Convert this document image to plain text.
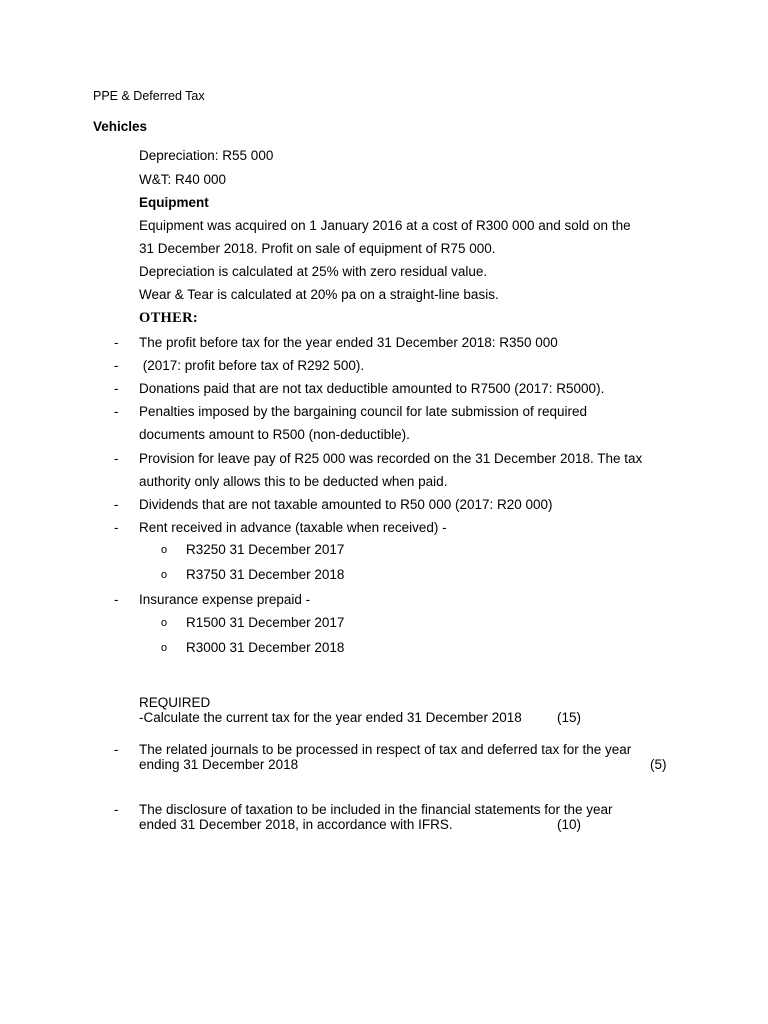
PPE & Deferred Tax
Vehicles
Depreciation: R55 000
W&T: R40 000
Equipment
Equipment was acquired on 1 January 2016 at a cost of R300 000 and sold on the
31 December 2018. Profit on sale of equipment of R75 000.
Depreciation is calculated at 25% with zero residual value.
Wear & Tear is calculated at 20% pa on a straight-line basis.
OTHER:
-	The profit before tax for the year ended 31 December 2018: R350 000
-	(2017: profit before tax of R292 500).
-	Donations paid that are not tax deductible amounted to R7500 (2017: R5000).
-	Penalties imposed by the bargaining council for late submission of required
documents amount to R500 (non-deductible).
-	Provision for leave pay of R25 000 was recorded on the 31 December 2018. The tax
authority only allows this to be deducted when paid.
-	Dividends that are not taxable amounted to R50 000 (2017: R20 000)
-	Rent received in advance (taxable when received) -
o R3250 31 December 2017
o R3750 31 December 2018
-	Insurance expense prepaid -
o R1500 31 December 2017
o R3000 31 December 2018
REQUIRED
-Calculate the current tax for the year ended 31 December 2018	(15)
-	The related journals to be processed in respect of tax and deferred tax for the year
ending 31 December 2018	(5)
-	The disclosure of taxation to be included in the financial statements for the year
ended 31 December 2018, in accordance with IFRS.	(10)
